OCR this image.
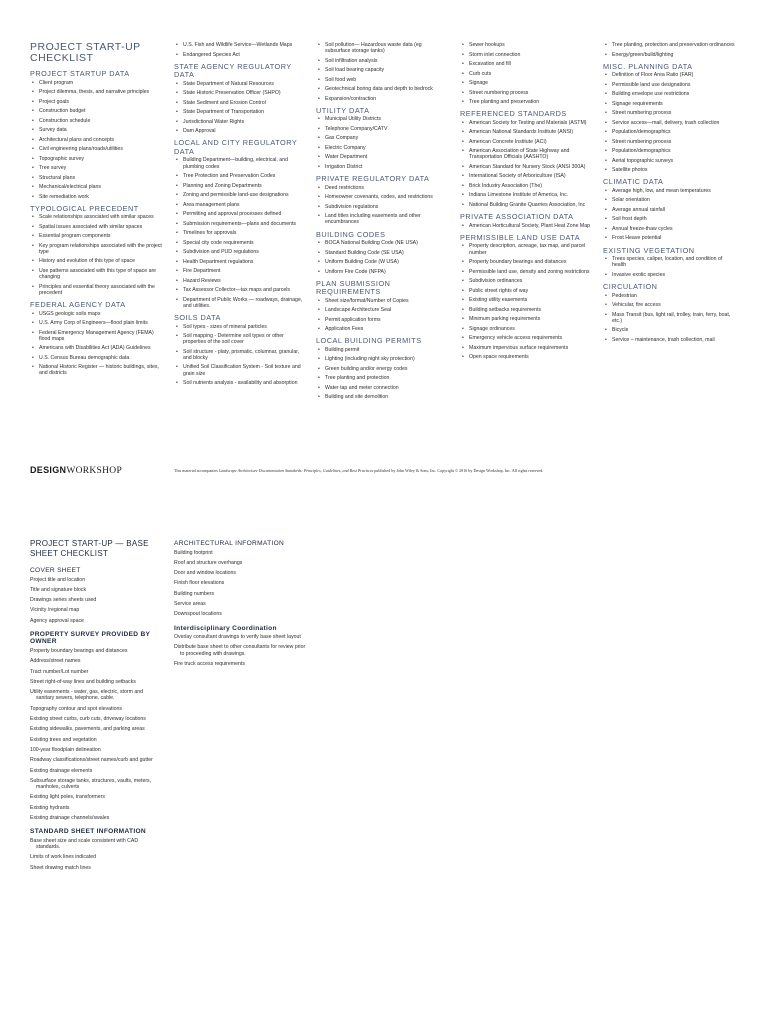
PROJECT START-UP
CHECKLIST
PROJECT STARTUP DATA
• Client program
• Project dilemma, thesis, and narrative principles
• Project goals
• Construction budget
• Construction schedule
• Survey data
• Architectural plans and concepts
• Civil engineering plans/roads/utilities
• Topographic survey
• Tree survey
• Structural plans
• Mechanical/electrical plans
• Site remediation work
TYPOLOGICAL PRECEDENT
• Scale relationships associated with similar spaces
• Spatial issues associated with similar spaces
• Essential program components
• Key program relationships associated with the project type
• History and evolution of this type of space
• Use patterns associated with this type of space are changing
• Principles and essential theory associated with the precedent
FEDERAL AGENCY DATA
• USGS geologic soils maps
• U.S. Army Corp of Engineers—flood plain limits
• Federal Emergency Management Agency (FEMA) flood maps
• Americans with Disabilities Act (ADA) Guidelines
• U.S. Census Bureau demographic data
• National Historic Register — historic buildings, sites, and districts
• U.S. Fish and Wildlife Service—Wetlands Maps
• Endangered Species Act
STATE AGENCY REGULATORY DATA
• State Department of Natural Resources
• State Historic Preservation Officer (SHPO)
• State Sediment and Erosion Control
• State Department of Transportation
• Jurisdictional Water Rights
• Dam Approval
LOCAL AND CITY REGULATORY DATA
• Building Department—building, electrical, and plumbing codes
• Tree Protection and Preservation Codes
• Planning and Zoning Departments
• Zoning and permissible land-use designations
• Area management plans
• Permitting and approval processes defined
• Submission requirements—plans and documents
• Timelines for approvals
• Special city code requirements
• Subdivision and PUD regulations
• Health Department regulations
• Fire Department
• Hazard Reviews
• Tax Assessor Collector—tax maps and parcels
• Department of Public Works — roadways, drainage, and utilities.
SOILS DATA
• Soil types - sizes of mineral particles
• Soil mapping - Determine soil types or other properties of the soil cover
• Soil structure - platy, prismatic, columnar, granular, and blocky
• Unified Soil Classification System - Soil texture and grain size
• Soil nutrients analysis - availability and absorption
• Soil pollution— Hazardous waste data (eg subsurface storage tanks)
• Soil infiltration analysis
• Soil load bearing capacity
• Soil food web
• Geotechnical boring data and depth to bedrock
• Expansion/contraction
UTILITY DATA
• Municipal Utility Districts
• Telephone Company/CATV
• Gas Company
• Electric Company
• Water Department
• Irrigation District
PRIVATE REGULATORY DATA
• Deed restrictions
• Homeowner covenants, codes, and restrictions
• Subdivision regulations
• Land titles including easements and other encumbrances
BUILDING CODES
• BOCA National Building Code (NE USA)
• Standard Building Code (SE USA)
• Uniform Building Code (W USA)
• Uniform Fire Code (NFPA)
PLAN SUBMISSION REQUIREMENTS
• Sheet size/format/Number of Copies
• Landscape Architecture Seal
• Permit application forms
• Application Fees
LOCAL BUILDING PERMITS
• Building permit
• Lighting (including night sky protection)
• Green building and/or energy codes
• Tree planting and protection
• Water tap and meter connection
• Building and site demolition
• Sewer hookups
• Storm inlet connection
• Excavation and fill
• Curb cuts
• Signage
• Street numbering process
• Tree planting and preservation
REFERENCED STANDARDS
• American Society for Testing and Materials (ASTM)
• American National Standards Institute (ANSI)
• American Concrete Institute (ACI)
• American Association of State Highway and Transportation Officials (AASHTO)
• American Standard for Nursery Stock (ANSI 300A)
• International Society of Arboriculture (ISA)
• Brick Industry Association (The)
• Indiana Limestone Institute of America, Inc.
• National Building Granite Quarries Association, Inc
PRIVATE ASSOCIATION DATA
• American Horticultural Society, Plant Heat Zone Map
PERMISSIBLE LAND USE DATA
• Property description, acreage, tax map, and parcel number
• Property boundary bearings and distances
• Permissible land use, density and zoning restrictions
• Subdivision ordinances
• Public street rights of way
• Existing utility easements
• Building setbacks requirements
• Minimum parking requirements
• Signage ordinances
• Emergency vehicle access requirements
• Maximum impervious surface requirements
• Open space requirements
• Tree planting, protection and preservation ordinances
• Energy/green/build/lighting
MISC. PLANNING DATA
• Definition of Floor Area Ratio (FAR)
• Permissible land use designations
• Building envelope use restrictions
• Signage requirements
• Street numbering process
• Service access—mail, delivery, trash collection
• Population/demographics
• Street numbering process
• Population/demographics
• Aerial topographic surveys
• Satellite photos
CLIMATIC DATA
• Average high, low, and mean temperatures
• Solar orientation
• Average annual rainfall
• Soil frost depth
• Annual freeze-thaw cycles
• Frost Heave potential
EXISTING VEGETATION
• Trees species, caliper, location, and condition of health
• Invasive exotic species
CIRCULATION
• Pedestrian
• Vehicular, fire access
• Mass Transit (bus, light rail, trolley, train, ferry, boat, etc.)
• Bicycle
• Service – maintenance, trash collection, mail
DESIGNWORKSHOP	This material accompanies Landscape Architecture Documentation Standards: Principles, Guidelines, and Best Practices published by John Wiley & Sons, Inc. Copyright © 2016 by Design Workshop, Inc. All rights reserved.
PROJECT START-UP — BASE
SHEET CHECKLIST
COVER SHEET
Project title and location
Title and signature block
Drawings series sheets used
Vicinity /regional map
Agency approval space
PROPERTY SURVEY PROVIDED BY OWNER
Property boundary bearings and distances
Address/street names
Tract number/Lot number
Street right-of-way lines and building setbacks
Utility easements - water, gas, electric, storm and sanitary sewers, telephone, cable.
Topography contour and spot elevations
Existing street curbs, curb cuts, driveway locations
Existing sidewalks, pavements, and parking areas
Existing trees and vegetation
100-year floodplain delineation
Roadway classifications/street names/curb and gutter
Existing drainage elements
Subsurface storage tanks, structures, vaults, meters, manholes, culverts
Existing light poles, transformers
Existing hydrants
Existing drainage channels/swales
STANDARD SHEET INFORMATION
Base sheet size and scale consistent with CAD standards.
Limits of work lines indicated
Sheet drawing match lines
ARCHITECTURAL INFORMATION
Building footprint
Roof and structure overhangs
Door and window locations
Finish floor elevations
Building numbers
Service areas
Downspout locations
Interdisciplinary Coordination
Overlay consultant drawings to verify base sheet layout
Distribute base sheet to other consultants for review prior to proceeding with drawings.
Fire truck access requirements
